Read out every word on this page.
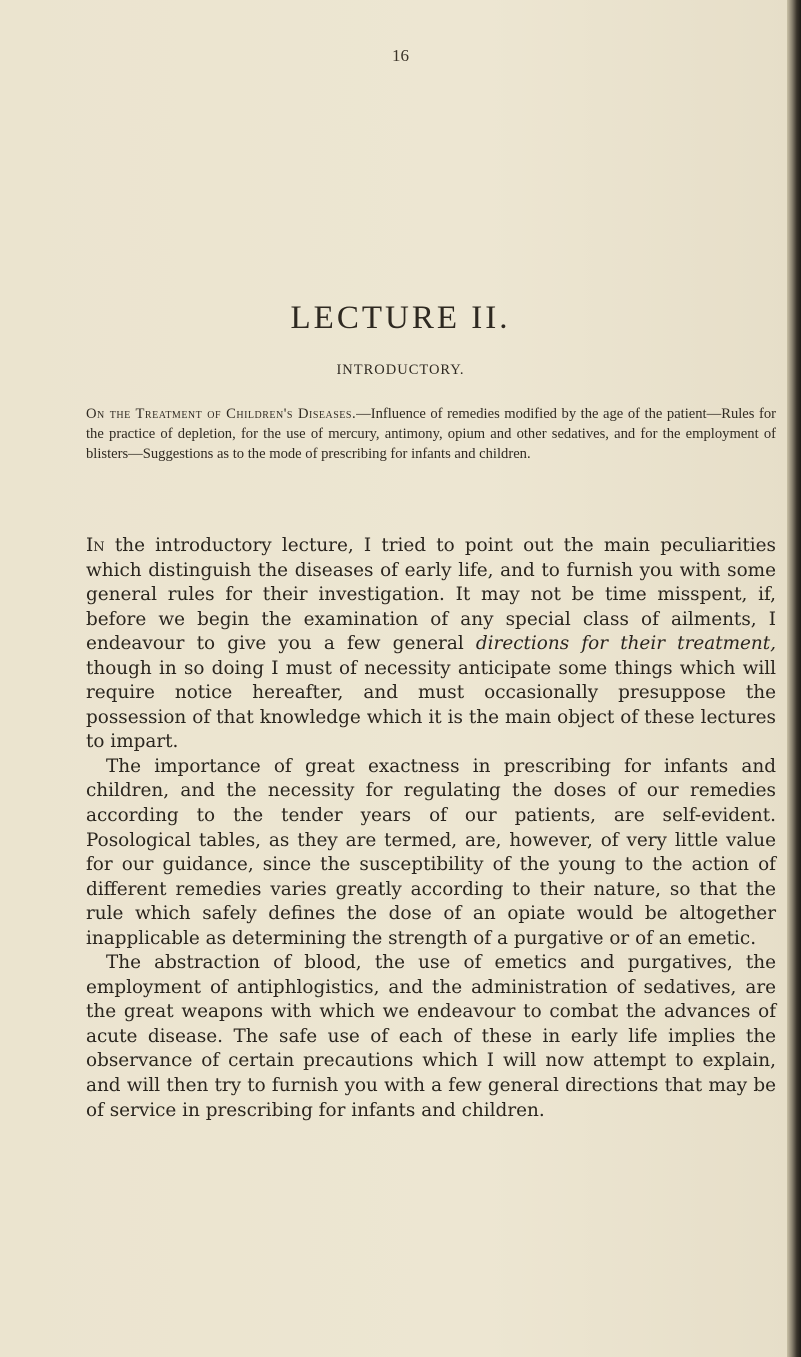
16
LECTURE II.
INTRODUCTORY.
On the Treatment of Children's Diseases.—Influence of remedies modified by the age of the patient—Rules for the practice of depletion, for the use of mercury, antimony, opium and other sedatives, and for the employment of blisters—Suggestions as to the mode of prescribing for infants and children.

In the introductory lecture, I tried to point out the main peculiarities which distinguish the diseases of early life, and to furnish you with some general rules for their investigation. It may not be time misspent, if, before we begin the examination of any special class of ailments, I endeavour to give you a few general directions for their treatment, though in so doing I must of necessity anticipate some things which will require notice hereafter, and must occasionally presuppose the possession of that knowledge which it is the main object of these lectures to impart.

The importance of great exactness in prescribing for infants and children, and the necessity for regulating the doses of our remedies according to the tender years of our patients, are self-evident. Posological tables, as they are termed, are, however, of very little value for our guidance, since the susceptibility of the young to the action of different remedies varies greatly according to their nature, so that the rule which safely defines the dose of an opiate would be altogether inapplicable as determining the strength of a purgative or of an emetic.

The abstraction of blood, the use of emetics and purgatives, the employment of antiphlogistics, and the administration of sedatives, are the great weapons with which we endeavour to combat the advances of acute disease. The safe use of each of these in early life implies the observance of certain precautions which I will now attempt to explain, and will then try to furnish you with a few general directions that may be of service in prescribing for infants and children.
